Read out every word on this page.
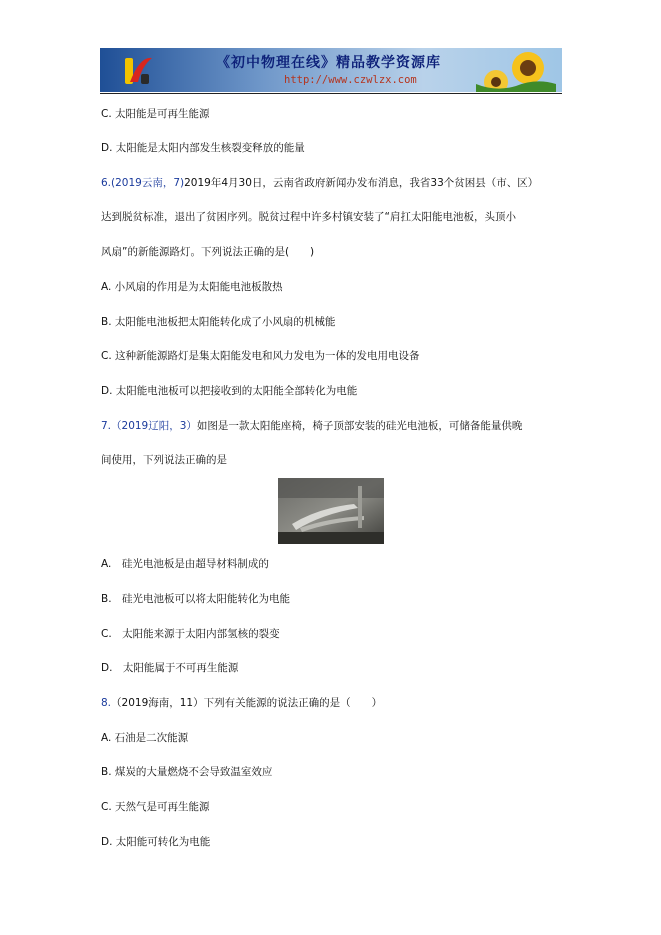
《初中物理在线》精品教学资源库
http://www.czwlzx.com
C. 太阳能是可再生能源
D. 太阳能是太阳内部发生核裂变释放的能量
6.(2019云南，7)2019年4月30日，云南省政府新闻办发布消息，我省33个贫困县（市、区）
达到脱贫标准，退出了贫困序列。脱贫过程中许多村镇安装了“肩扛太阳能电池板，头顶小
风扇”的新能源路灯。下列说法正确的是(　　)
A. 小风扇的作用是为太阳能电池板散热
B. 太阳能电池板把太阳能转化成了小风扇的机械能
C. 这种新能源路灯是集太阳能发电和风力发电为一体的发电用电设备
D. 太阳能电池板可以把接收到的太阳能全部转化为电能
7.（2019辽阳，3）如图是一款太阳能座椅，椅子顶部安装的硅光电池板，可储备能量供晚
间使用，下列说法正确的是
A.　硅光电池板是由超导材料制成的
B.　硅光电池板可以将太阳能转化为电能
C.　太阳能来源于太阳内部氢核的裂变
D.　太阳能属于不可再生能源
8.（2019海南，11）下列有关能源的说法正确的是（　　）
A. 石油是二次能源
B. 煤炭的大量燃烧不会导致温室效应
C. 天然气是可再生能源
D. 太阳能可转化为电能
